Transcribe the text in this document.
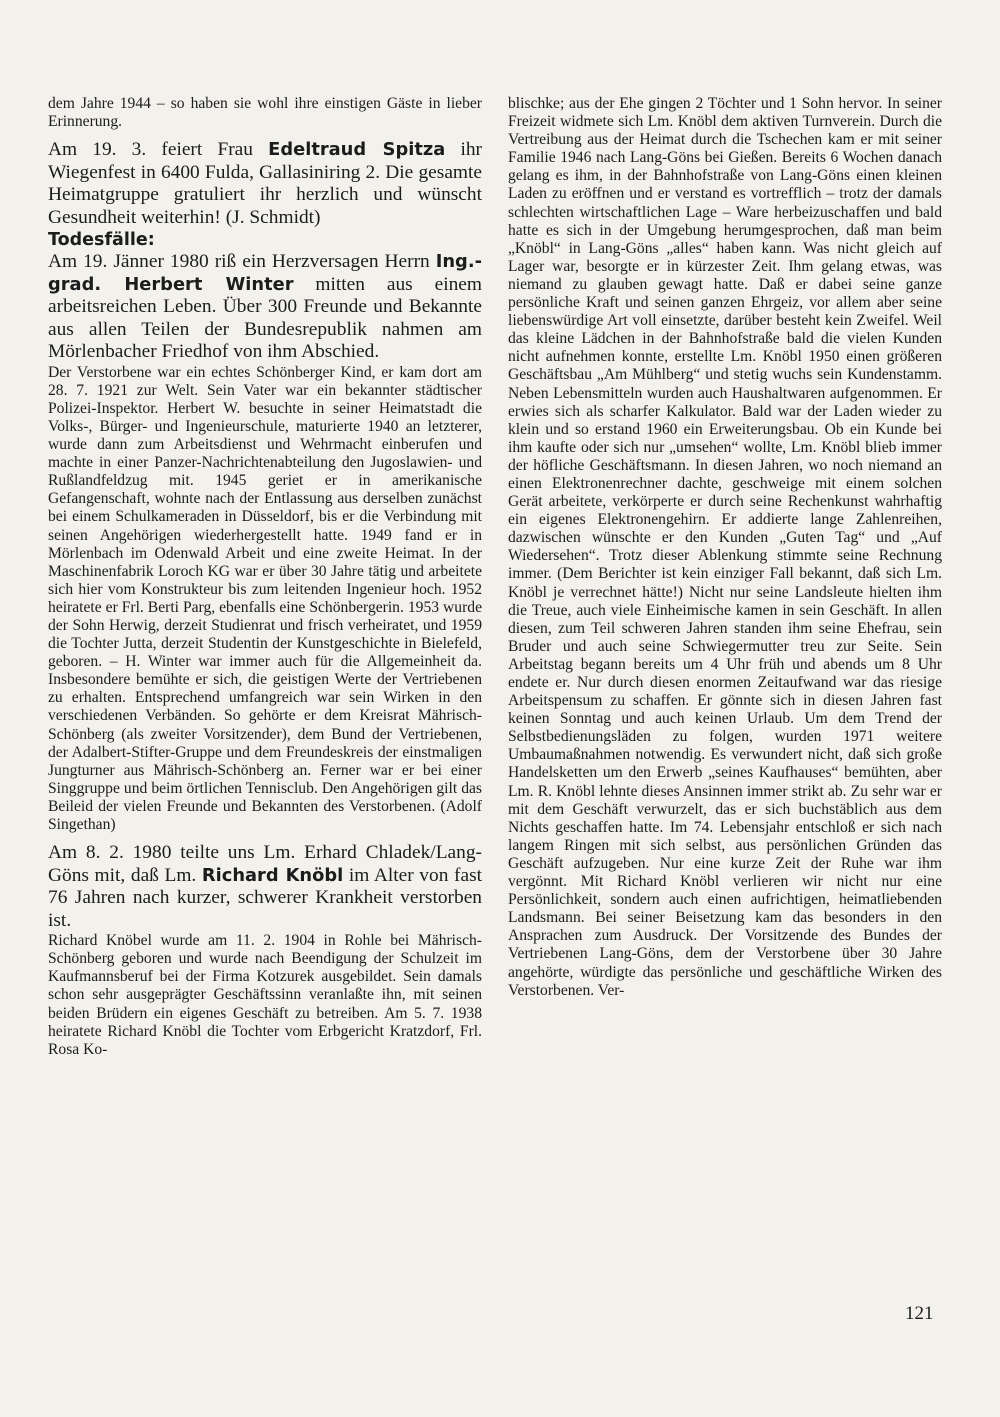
dem Jahre 1944 – so haben sie wohl ihre einstigen Gäste in lieber Erinnerung.

Am 19. 3. feiert Frau Edeltraud Spitza ihr Wiegenfest in 6400 Fulda, Gallasiniring 2. Die gesamte Heimatgruppe gratuliert ihr herzlich und wünscht Gesundheit weiterhin! (J. Schmidt)

Todesfälle:

Am 19. Jänner 1980 riß ein Herzversagen Herrn Ing.-grad. Herbert Winter mitten aus einem arbeitsreichen Leben. Über 300 Freunde und Bekannte aus allen Teilen der Bundesrepublik nahmen am Mörlenbacher Friedhof von ihm Abschied.

Der Verstorbene war ein echtes Schönberger Kind, er kam dort am 28. 7. 1921 zur Welt. Sein Vater war ein bekannter städtischer Polizei-Inspektor. Herbert W. besuchte in seiner Heimatstadt die Volks-, Bürger- und Ingenieurschule, maturierte 1940 an letzterer, wurde dann zum Arbeitsdienst und Wehrmacht einberufen und machte in einer Panzer-Nachrichtenabteilung den Jugoslawien- und Rußlandfeldzug mit. 1945 geriet er in amerikanische Gefangenschaft, wohnte nach der Entlassung aus derselben zunächst bei einem Schulkameraden in Düsseldorf, bis er die Verbindung mit seinen Angehörigen wiederhergestellt hatte. 1949 fand er in Mörlenbach im Odenwald Arbeit und eine zweite Heimat. In der Maschinenfabrik Loroch KG war er über 30 Jahre tätig und arbeitete sich hier vom Konstrukteur bis zum leitenden Ingenieur hoch. 1952 heiratete er Frl. Berti Parg, ebenfalls eine Schönbergerin. 1953 wurde der Sohn Herwig, derzeit Studienrat und frisch verheiratet, und 1959 die Tochter Jutta, derzeit Studentin der Kunstgeschichte in Bielefeld, geboren. – H. Winter war immer auch für die Allgemeinheit da. Insbesondere bemühte er sich, die geistigen Werte der Vertriebenen zu erhalten. Entsprechend umfangreich war sein Wirken in den verschiedenen Verbänden. So gehörte er dem Kreisrat Mährisch-Schönberg (als zweiter Vorsitzender), dem Bund der Vertriebenen, der Adalbert-Stifter-Gruppe und dem Freundeskreis der einstmaligen Jungturner aus Mährisch-Schönberg an. Ferner war er bei einer Singgruppe und beim örtlichen Tennisclub. Den Angehörigen gilt das Beileid der vielen Freunde und Bekannten des Verstorbenen. (Adolf Singethan)

Am 8. 2. 1980 teilte uns Lm. Erhard Chladek/Lang-Göns mit, daß Lm. Richard Knöbl im Alter von fast 76 Jahren nach kurzer, schwerer Krankheit verstorben ist.

Richard Knöbel wurde am 11. 2. 1904 in Rohle bei Mährisch-Schönberg geboren und wurde nach Beendigung der Schulzeit im Kaufmannsberuf bei der Firma Kotzurek ausgebildet. Sein damals schon sehr ausgeprägter Geschäftssinn veranlaßte ihn, mit seinen beiden Brüdern ein eigenes Geschäft zu betreiben. Am 5. 7. 1938 heiratete Richard Knöbl die Tochter vom Erbgericht Kratzdorf, Frl. Rosa Ko-

blischke; aus der Ehe gingen 2 Töchter und 1 Sohn hervor. In seiner Freizeit widmete sich Lm. Knöbl dem aktiven Turnverein. Durch die Vertreibung aus der Heimat durch die Tschechen kam er mit seiner Familie 1946 nach Lang-Göns bei Gießen. Bereits 6 Wochen danach gelang es ihm, in der Bahnhofstraße von Lang-Göns einen kleinen Laden zu eröffnen und er verstand es vortrefflich – trotz der damals schlechten wirtschaftlichen Lage – Ware herbeizuschaffen und bald hatte es sich in der Umgebung herumgesprochen, daß man beim „Knöbl“ in Lang-Göns „alles“ haben kann. Was nicht gleich auf Lager war, besorgte er in kürzester Zeit. Ihm gelang etwas, was niemand zu glauben gewagt hatte. Daß er dabei seine ganze persönliche Kraft und seinen ganzen Ehrgeiz, vor allem aber seine liebenswürdige Art voll einsetzte, darüber besteht kein Zweifel. Weil das kleine Lädchen in der Bahnhofstraße bald die vielen Kunden nicht aufnehmen konnte, erstellte Lm. Knöbl 1950 einen größeren Geschäftsbau „Am Mühlberg“ und stetig wuchs sein Kundenstamm. Neben Lebensmitteln wurden auch Haushaltwaren aufgenommen. Er erwies sich als scharfer Kalkulator. Bald war der Laden wieder zu klein und so erstand 1960 ein Erweiterungsbau. Ob ein Kunde bei ihm kaufte oder sich nur „umsehen“ wollte, Lm. Knöbl blieb immer der höfliche Geschäftsmann. In diesen Jahren, wo noch niemand an einen Elektronenrechner dachte, geschweige mit einem solchen Gerät arbeitete, verkörperte er durch seine Rechenkunst wahrhaftig ein eigenes Elektronengehirn. Er addierte lange Zahlenreihen, dazwischen wünschte er den Kunden „Guten Tag“ und „Auf Wiedersehen“. Trotz dieser Ablenkung stimmte seine Rechnung immer. (Dem Berichter ist kein einziger Fall bekannt, daß sich Lm. Knöbl je verrechnet hätte!) Nicht nur seine Landsleute hielten ihm die Treue, auch viele Einheimische kamen in sein Geschäft. In allen diesen, zum Teil schweren Jahren standen ihm seine Ehefrau, sein Bruder und auch seine Schwiegermutter treu zur Seite. Sein Arbeitstag begann bereits um 4 Uhr früh und abends um 8 Uhr endete er. Nur durch diesen enormen Zeitaufwand war das riesige Arbeitspensum zu schaffen. Er gönnte sich in diesen Jahren fast keinen Sonntag und auch keinen Urlaub. Um dem Trend der Selbstbedienungsläden zu folgen, wurden 1971 weitere Umbaumaßnahmen notwendig. Es verwundert nicht, daß sich große Handelsketten um den Erwerb „seines Kaufhauses“ bemühten, aber Lm. R. Knöbl lehnte dieses Ansinnen immer strikt ab. Zu sehr war er mit dem Geschäft verwurzelt, das er sich buchstäblich aus dem Nichts geschaffen hatte. Im 74. Lebensjahr entschloß er sich nach langem Ringen mit sich selbst, aus persönlichen Gründen das Geschäft aufzugeben. Nur eine kurze Zeit der Ruhe war ihm vergönnt. Mit Richard Knöbl verlieren wir nicht nur eine Persönlichkeit, sondern auch einen aufrichtigen, heimatliebenden Landsmann. Bei seiner Beisetzung kam das besonders in den Ansprachen zum Ausdruck. Der Vorsitzende des Bundes der Vertriebenen Lang-Göns, dem der Verstorbene über 30 Jahre angehörte, würdigte das persönliche und geschäftliche Wirken des Verstorbenen. Ver-

121
